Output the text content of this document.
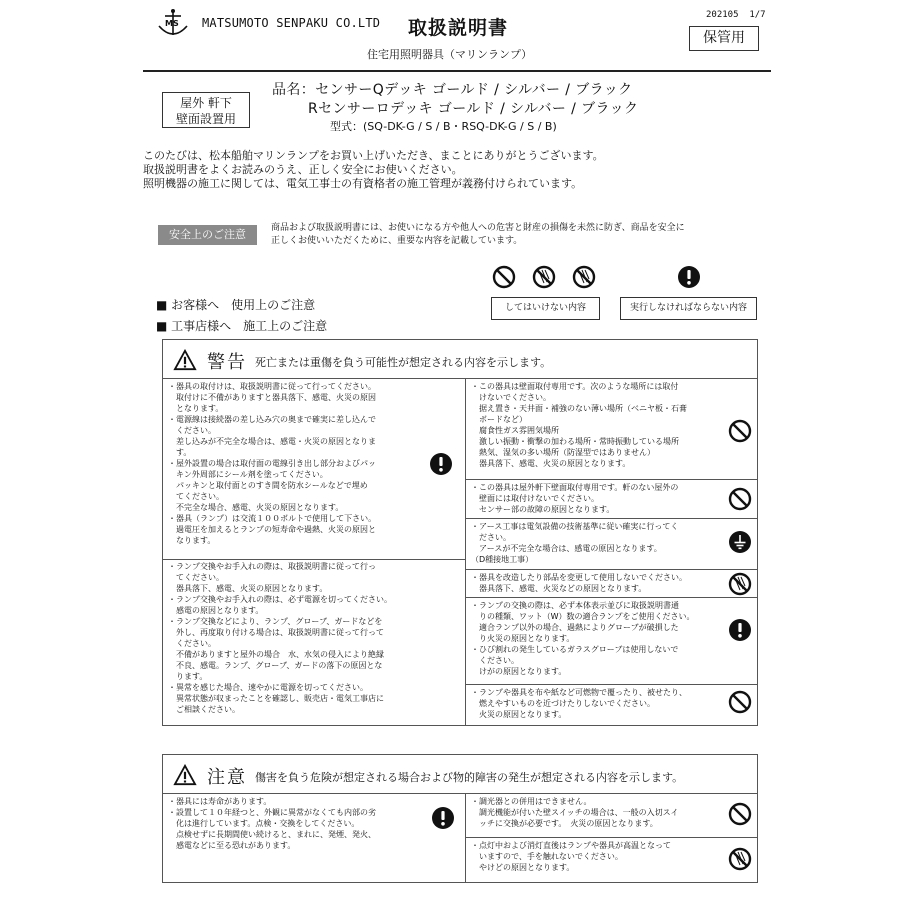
MS MATSUMOTO SENPAKU CO.LTD 取扱説明書
202105  1/7
保管用
住宅用照明器具（マリンランプ）
屋外 軒下
壁面設置用
品名：センサーQデッキ ゴールド / シルバー / ブラック
Rセンサーロデッキ ゴールド / シルバー / ブラック
型式：(SQ-DK-G / S / B・RSQ-DK-G / S / B)
このたびは、松本船舶マリンランプをお買い上げいただき、まことにありがとうございます。
取扱説明書をよくお読みのうえ、正しく安全にお使いください。
照明機器の施工に関しては、電気工事士の有資格者の施工管理が義務付けられています。
安全上のご注意	商品および取扱説明書には、お使いになる方や他人への危害と財産の損傷を未然に防ぎ、商品を安全に
正しくお使いいただくために、重要な内容を記載しています。
■ お客様へ　使用上のご注意
■ 工事店様へ　施工上のご注意
してはいけない内容	実行しなければならない内容
警告 死亡または重傷を負う可能性が想定される内容を示します。
・器具の取付けは、取扱説明書に従って行ってください。
　取付けに不備がありますと器具落下、感電、火災の原因
　となります。
・電源線は接続器の差し込み穴の奥まで確実に差し込んで
　ください。
　差し込みが不完全な場合は、感電・火災の原因となりま
　す。
・屋外設置の場合は取付面の電線引き出し部分およびパッ
　キン外周部にシール剤を塗ってください。
　パッキンと取付面とのすき間を防水シールなどで埋め
　てください。
　不完全な場合、感電、火災の原因となります。
・器具（ランプ）は交流１００ボルトで使用して下さい。
　過電圧を加えるとランプの短寿命や過熱、火災の原因と
　なります。
・ランプ交換やお手入れの際は、取扱説明書に従って行っ
　てください。
　器具落下、感電、火災の原因となります。
・ランプ交換やお手入れの際は、必ず電源を切ってください。
　感電の原因となります。
・ランプ交換などにより、ランプ、グローブ、ガードなどを
　外し、再度取り付ける場合は、取扱説明書に従って行って
　ください。
　不備がありますと屋外の場合　水、水気の侵入により絶縁
　不良、感電。ランプ、グローブ、ガードの落下の原因とな
　ります。
・異常を感じた場合、速やかに電源を切ってください。
　異常状態が収まったことを確認し、販売店・電気工事店に
　ご相談ください。
・この器具は壁面取付専用です。次のような場所には取付
　けないでください。
　据え置き・天井面・補強のない薄い場所（ベニヤ板・石膏
　ボードなど）
　腐食性ガス雰囲気場所
　激しい振動・衝撃の加わる場所・常時振動している場所
　熱気、湿気の多い場所（防湿型ではありません）
　器具落下、感電、火災の原因となります。
・この器具は屋外軒下壁面取付専用です。軒のない屋外の
　壁面には取付けないでください。
　センサー部の故障の原因となります。
・アース工事は電気設備の技術基準に従い確実に行ってく
　ださい。
　アースが不完全な場合は、感電の原因となります。
（D種接地工事）
・器具を改造したり部品を変更して使用しないでください。
　器具落下、感電、火災などの原因となります。
・ランプの交換の際は、必ず本体表示並びに取扱説明書通
　りの種類、ワット（W）数の適合ランプをご使用ください。
　適合ランプ以外の場合、過熱によりグローブが破損した
　り火災の原因となります。
・ひび割れの発生しているガラスグローブは使用しないで
　ください。
　けがの原因となります。
・ランプや器具を布や紙など可燃物で覆ったり、被せたり、
　燃えやすいものを近づけたりしないでください。
　火災の原因となります。
注意 傷害を負う危険が想定される場合および物的障害の発生が想定される内容を示します。
・器具には寿命があります。
・設置して１０年経つと、外観に異常がなくても内部の劣
　化は進行しています。点検・交換をしてください。
　点検せずに長期間使い続けると、まれに、発煙、発火、
　感電などに至る恐れがあります。
・調光器との併用はできません。
　調光機能が付いた壁スイッチの場合は、一般の入切スイ
　ッチに交換が必要です。　火災の原因となります。
・点灯中および消灯直後はランプや器具が高温となって
　いますので、手を触れないでください。
　やけどの原因となります。
